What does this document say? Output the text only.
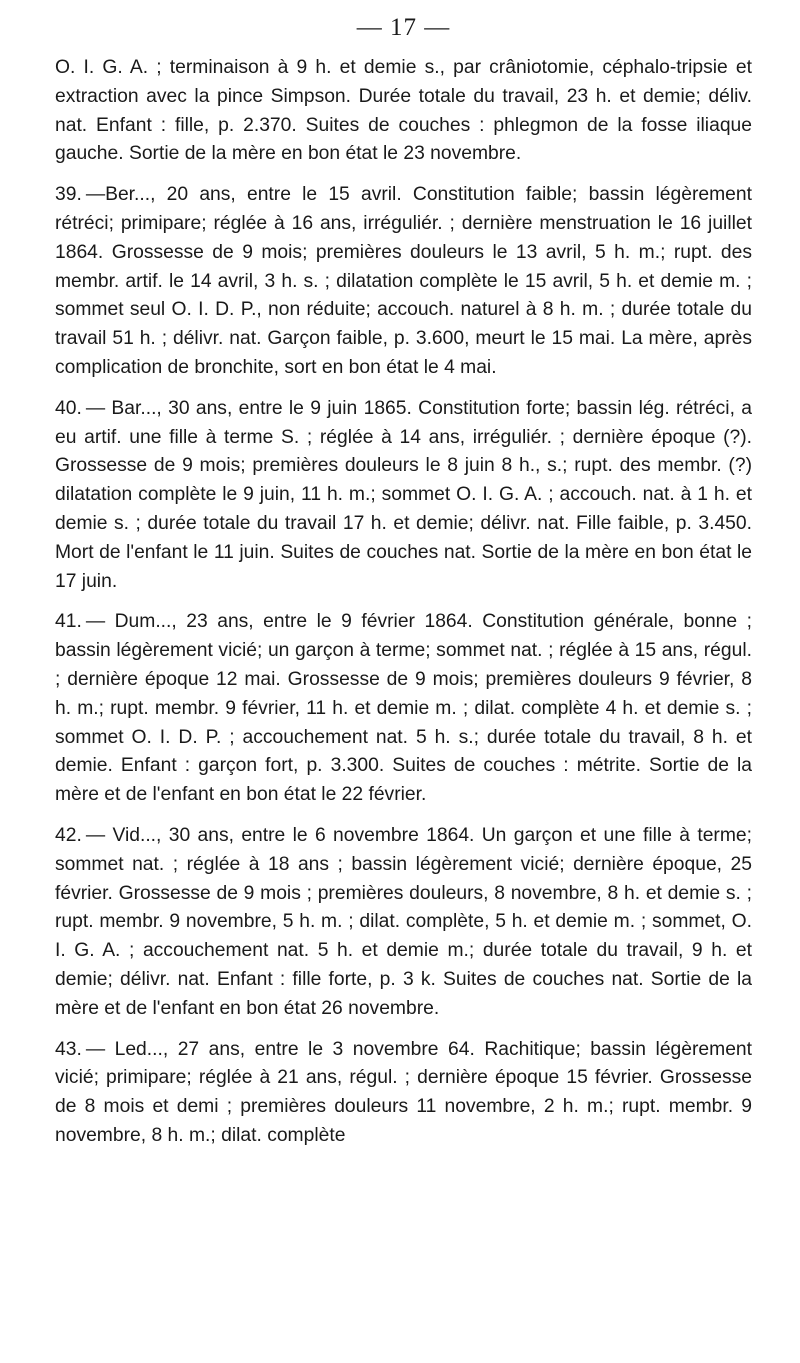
— 17 —

O. I. G. A. ; terminaison à 9 h. et demie s., par crâniotomie, céphalo-tripsie et extraction avec la pince Simpson. Durée totale du travail, 23 h. et demie; déliv. nat. Enfant : fille, p. 2.370. Suites de couches : phlegmon de la fosse iliaque gauche. Sortie de la mère en bon état le 23 novembre.

39. —Ber..., 20 ans, entre le 15 avril. Constitution faible; bassin légèrement rétréci; primipare; réglée à 16 ans, irréguliér. ; dernière menstruation le 16 juillet 1864. Grossesse de 9 mois; premières douleurs le 13 avril, 5 h. m.; rupt. des membr. artif. le 14 avril, 3 h. s. ; dilatation complète le 15 avril, 5 h. et demie m. ; sommet seul O. I. D. P., non réduite; accouch. naturel à 8 h. m. ; durée totale du travail 51 h. ; délivr. nat. Garçon faible, p. 3.600, meurt le 15 mai. La mère, après complication de bronchite, sort en bon état le 4 mai.

40. — Bar..., 30 ans, entre le 9 juin 1865. Constitution forte; bassin lég. rétréci, a eu artif. une fille à terme S. ; réglée à 14 ans, irréguliér. ; dernière époque (?). Grossesse de 9 mois; premières douleurs le 8 juin 8 h., s.; rupt. des membr. (?) dilatation complète le 9 juin, 11 h. m.; sommet O. I. G. A. ; accouch. nat. à 1 h. et demie s. ; durée totale du travail 17 h. et demie; délivr. nat. Fille faible, p. 3.450. Mort de l'enfant le 11 juin. Suites de couches nat. Sortie de la mère en bon état le 17 juin.

41. — Dum..., 23 ans, entre le 9 février 1864. Constitution générale, bonne ; bassin légèrement vicié; un garçon à terme; sommet nat. ; réglée à 15 ans, régul. ; dernière époque 12 mai. Grossesse de 9 mois; premières douleurs 9 février, 8 h. m.; rupt. membr. 9 février, 11 h. et demie m. ; dilat. complète 4 h. et demie s. ; sommet O. I. D. P. ; accouchement nat. 5 h. s.; durée totale du travail, 8 h. et demie. Enfant : garçon fort, p. 3.300. Suites de couches : métrite. Sortie de la mère et de l'enfant en bon état le 22 février.

42. — Vid..., 30 ans, entre le 6 novembre 1864. Un garçon et une fille à terme; sommet nat. ; réglée à 18 ans ; bassin légèrement vicié; dernière époque, 25 février. Grossesse de 9 mois ; premières douleurs, 8 novembre, 8 h. et demie s. ; rupt. membr. 9 novembre, 5 h. m. ; dilat. complète, 5 h. et demie m. ; sommet, O. I. G. A. ; accouchement nat. 5 h. et demie m.; durée totale du travail, 9 h. et demie; délivr. nat. Enfant : fille forte, p. 3 k. Suites de couches nat. Sortie de la mère et de l'enfant en bon état 26 novembre.

43. — Led..., 27 ans, entre le 3 novembre 64. Rachitique; bassin légèrement vicié; primipare; réglée à 21 ans, régul. ; dernière époque 15 février. Grossesse de 8 mois et demi ; premières douleurs 11 novembre, 2 h. m.; rupt. membr. 9 novembre, 8 h. m.; dilat. complète
